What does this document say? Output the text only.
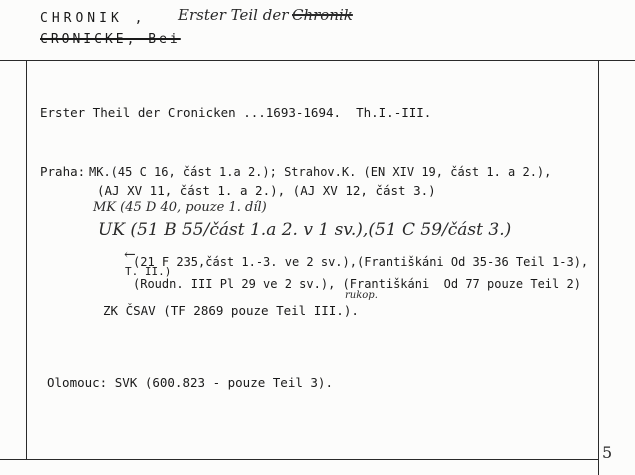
CHRONIK , Erster Teil der Chronik
CRONICKE, Bei
Erster Theil der Cronicken ...1693-1694.  Th.I.-III.
Praha: MK.(45 C 16, část 1.a 2.); Strahov.K. (EN XIV 19, část 1. a 2.),
(AJ XV 11, část 1. a 2.), (AJ XV 12, část 3.)
MK (45 D 40, pouze 1. díl)
UK (51 B 55/část 1.a 2. v 1 sv.),(51 C 59/část 3.)
←
(21 F 235,část 1.-3. ve 2 sv.),(Františkáni Od 35-36 Teil 1-3),
T. II.)
(Roudn. III Pl 29 ve 2 sv.), (Františkáni  Od 77 pouze Teil 2)
rukop.
ZK ČSAV (TF 2869 pouze Teil III.).
Olomouc: SVK (600.823 - pouze Teil 3).
5
